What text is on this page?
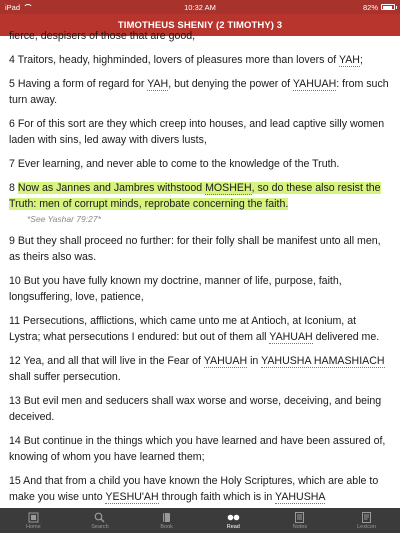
iPad	10:32 AM	82%
TIMOTHEUS SHENIY (2 TIMOTHY) 3
fierce, despisers of those that are good,
4 Traitors, heady, highminded, lovers of pleasures more than lovers of YAH;
5 Having a form of regard for YAH, but denying the power of YAHUAH: from such turn away.
6 For of this sort are they which creep into houses, and lead captive silly women laden with sins, led away with divers lusts,
7 Ever learning, and never able to come to the knowledge of the Truth.
8 Now as Jannes and Jambres withstood MOSHEH, so do these also resist the Truth: men of corrupt minds, reprobate concerning the faith.
*See Yashar 79:27*
9 But they shall proceed no further: for their folly shall be manifest unto all men, as theirs also was.
10 But you have fully known my doctrine, manner of life, purpose, faith, longsuffering, love, patience,
11 Persecutions, afflictions, which came unto me at Antioch, at Iconium, at Lystra; what persecutions I endured: but out of them all YAHUAH delivered me.
12 Yea, and all that will live in the Fear of YAHUAH in YAHUSHA HAMASHIACH shall suffer persecution.
13 But evil men and seducers shall wax worse and worse, deceiving, and being deceived.
14 But continue in the things which you have learned and have been assured of, knowing of whom you have learned them;
15 And that from a child you have known the Holy Scriptures, which are able to make you wise unto YESHU'AH through faith which is in YAHUSHA
Home	Search	Book	Read	Notes	Lexicon
